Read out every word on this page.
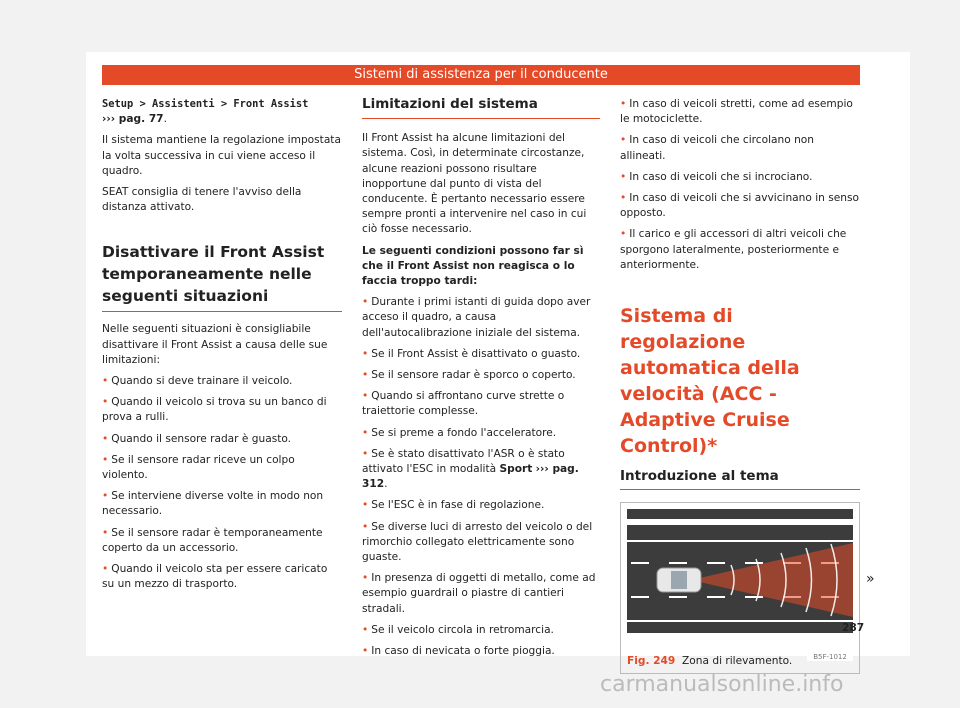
Sistemi di assistenza per il conducente

Setup > Assistenti > Front Assist
››› pag. 77.

Il sistema mantiene la regolazione impostata la volta successiva in cui viene acceso il quadro.

SEAT consiglia di tenere l'avviso della distanza attivato.

Disattivare il Front Assist temporaneamente nelle seguenti situazioni

Nelle seguenti situazioni è consigliabile disattivare il Front Assist a causa delle sue limitazioni:

• Quando si deve trainare il veicolo.
• Quando il veicolo si trova su un banco di prova a rulli.
• Quando il sensore radar è guasto.
• Se il sensore radar riceve un colpo violento.
• Se interviene diverse volte in modo non necessario.
• Se il sensore radar è temporaneamente coperto da un accessorio.
• Quando il veicolo sta per essere caricato su un mezzo di trasporto.
Limitazioni del sistema

Il Front Assist ha alcune limitazioni del sistema. Così, in determinate circostanze, alcune reazioni possono risultare inopportune dal punto di vista del conducente. È pertanto necessario essere sempre pronti a intervenire nel caso in cui ciò fosse necessario.

Le seguenti condizioni possono far sì che il Front Assist non reagisca o lo faccia troppo tardi:

• Durante i primi istanti di guida dopo aver acceso il quadro, a causa dell'autocalibrazione iniziale del sistema.
• Se il Front Assist è disattivato o guasto.
• Se il sensore radar è sporco o coperto.
• Quando si affrontano curve strette o traiettorie complesse.
• Se si preme a fondo l'acceleratore.
• Se è stato disattivato l'ASR o è stato attivato l'ESC in modalità Sport ››› pag. 312.
• Se l'ESC è in fase di regolazione.
• Se diverse luci di arresto del veicolo o del rimorchio collegato elettricamente sono guaste.
• In presenza di oggetti di metallo, come ad esempio guardrail o piastre di cantieri stradali.
• Se il veicolo circola in retromarcia.
• In caso di nevicata o forte pioggia.
• In caso di veicoli stretti, come ad esempio le motociclette.
• In caso di veicoli che circolano non allineati.
• In caso di veicoli che si incrociano.
• In caso di veicoli che si avvicinano in senso opposto.
• Il carico e gli accessori di altri veicoli che sporgono lateralmente, posteriormente e anteriormente.
Sistema di regolazione automatica della velocità (ACC - Adaptive Cruise Control)*
Introduzione al tema
B5F-1012
Fig. 249 Zona di rilevamento.
»
287
carmanualsonline.info
